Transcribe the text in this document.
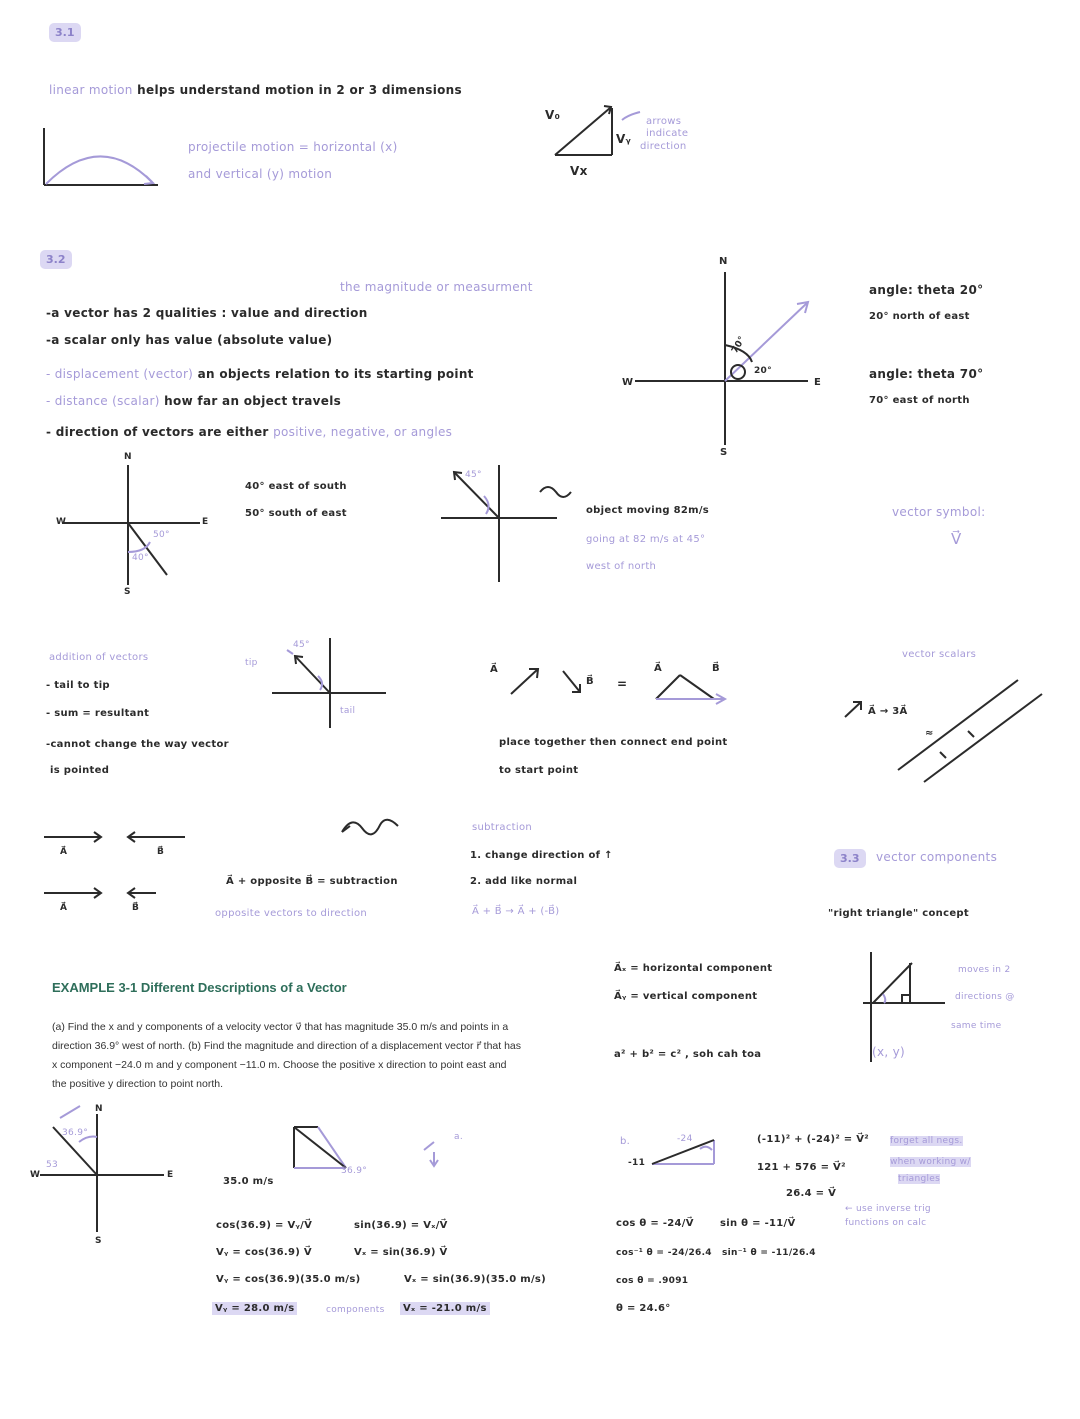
3.1
linear motion helps understand motion in 2 or 3 dimensions
projectile motion = horizontal (x)
and vertical (y) motion
V₀
Vᵧ
Vx
arrows
indicate
direction
3.2
the magnitude or measurment
-a vector has 2 qualities : value and direction
-a scalar only has value (absolute value)
- displacement (vector) an objects relation to its starting point
- distance (scalar) how far an object travels
- direction of vectors are either positive, negative, or angles
N
S
E
W
70°
20°
angle: theta 20°
20° north of east
angle: theta 70°
70° east of north
N
S
E
W
50°
40°
40° east of south
50° south of east
45°
object moving 82m/s
going at 82 m/s at 45°
west of north
vector symbol:
V⃗
addition of vectors
- tail to tip
- sum = resultant
-cannot change the way vector
is pointed
tip
tail
45°
A⃗
B⃗ =
A⃗	B⃗
place together then connect end point
to start point
vector scalars
A⃗ → 3A⃗
≈
A⃗	B⃗
A⃗	B⃗
A⃗ + opposite B⃗ = subtraction
opposite vectors to direction
subtraction
1. change direction of ↑
2. add like normal
A⃗ + B⃗ → A⃗ + (-B⃗)
3.3	vector components
"right triangle" concept
A⃗ₓ = horizontal component
A⃗ᵧ = vertical component
a² + b² = c² , soh cah toa
moves in 2
directions @
same time
(x, y)
EXAMPLE 3-1 Different Descriptions of a Vector
(a) Find the x and y components of a velocity vector v⃗ that has magnitude 35.0 m/s and points in a direction 36.9° west of north. (b) Find the magnitude and direction of a displacement vector r⃗ that has x component −24.0 m and y component −11.0 m. Choose the positive x direction to point east and the positive y direction to point north.
N
S
E
W
36.9°
53
a.
36.9°
35.0 m/s
cos(36.9) = Vᵧ/V⃗	sin(36.9) = Vₓ/V⃗
Vᵧ = cos(36.9) V⃗	Vₓ = sin(36.9) V⃗
Vᵧ = cos(36.9)(35.0 m/s)	Vₓ = sin(36.9)(35.0 m/s)
Vᵧ = 28.0 m/s	components	Vₓ = -21.0 m/s
b.	-24
-11
(-11)² + (-24)² = V⃗²
121 + 576 = V⃗²
26.4 = V⃗
forget all negs.
when working w/
triangles
← use inverse trig
functions on calc
cos θ = -24/V⃗	sin θ = -11/V⃗
cos⁻¹ θ = -24/26.4 sin⁻¹ θ = -11/26.4
cos θ = .9091
θ = 24.6°
